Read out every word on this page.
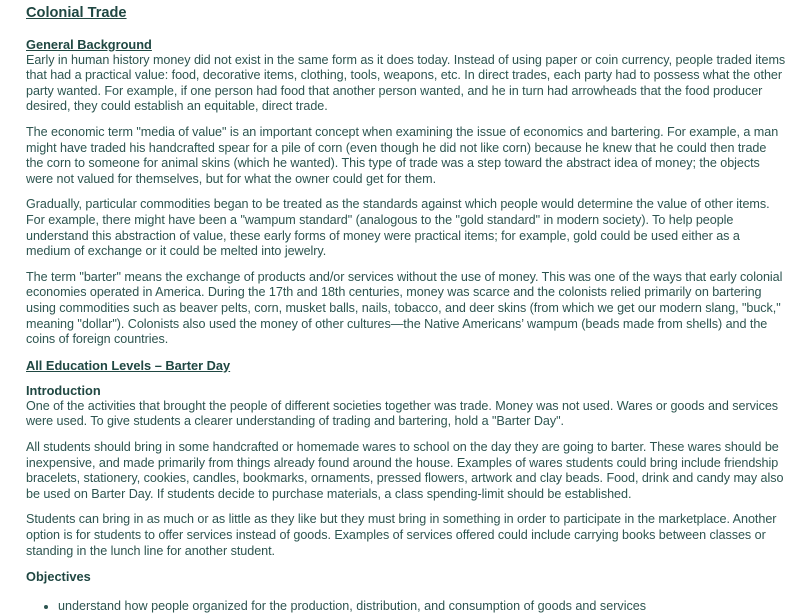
Colonial Trade
General Background

Early in human history money did not exist in the same form as it does today. Instead of using paper or coin currency, people traded items that had a practical value: food, decorative items, clothing, tools, weapons, etc. In direct trades, each party had to possess what the other party wanted. For example, if one person had food that another person wanted, and he in turn had arrowheads that the food producer desired, they could establish an equitable, direct trade.

The economic term "media of value" is an important concept when examining the issue of economics and bartering. For example, a man might have traded his handcrafted spear for a pile of corn (even though he did not like corn) because he knew that he could then trade the corn to someone for animal skins (which he wanted). This type of trade was a step toward the abstract idea of money; the objects were not valued for themselves, but for what the owner could get for them.

Gradually, particular commodities began to be treated as the standards against which people would determine the value of other items. For example, there might have been a "wampum standard" (analogous to the "gold standard" in modern society). To help people understand this abstraction of value, these early forms of money were practical items; for example, gold could be used either as a medium of exchange or it could be melted into jewelry.

The term "barter" means the exchange of products and/or services without the use of money. This was one of the ways that early colonial economies operated in America. During the 17th and 18th centuries, money was scarce and the colonists relied primarily on bartering using commodities such as beaver pelts, corn, musket balls, nails, tobacco, and deer skins (from which we get our modern slang, "buck," meaning "dollar"). Colonists also used the money of other cultures—the Native Americans’ wampum (beads made from shells) and the coins of foreign countries.

All Education Levels – Barter Day
Introduction

One of the activities that brought the people of different societies together was trade. Money was not used. Wares or goods and services were used. To give students a clearer understanding of trading and bartering, hold a "Barter Day".

All students should bring in some handcrafted or homemade wares to school on the day they are going to barter. These wares should be inexpensive, and made primarily from things already found around the house. Examples of wares students could bring include friendship bracelets, stationery, cookies, candles, bookmarks, ornaments, pressed flowers, artwork and clay beads. Food, drink and candy may also be used on Barter Day. If students decide to purchase materials, a class spending-limit should be established.

Students can bring in as much or as little as they like but they must bring in something in order to participate in the marketplace. Another option is for students to offer services instead of goods. Examples of services offered could include carrying books between classes or standing in the lunch line for another student.

Objectives
• understand how people organized for the production, distribution, and consumption of goods and services
